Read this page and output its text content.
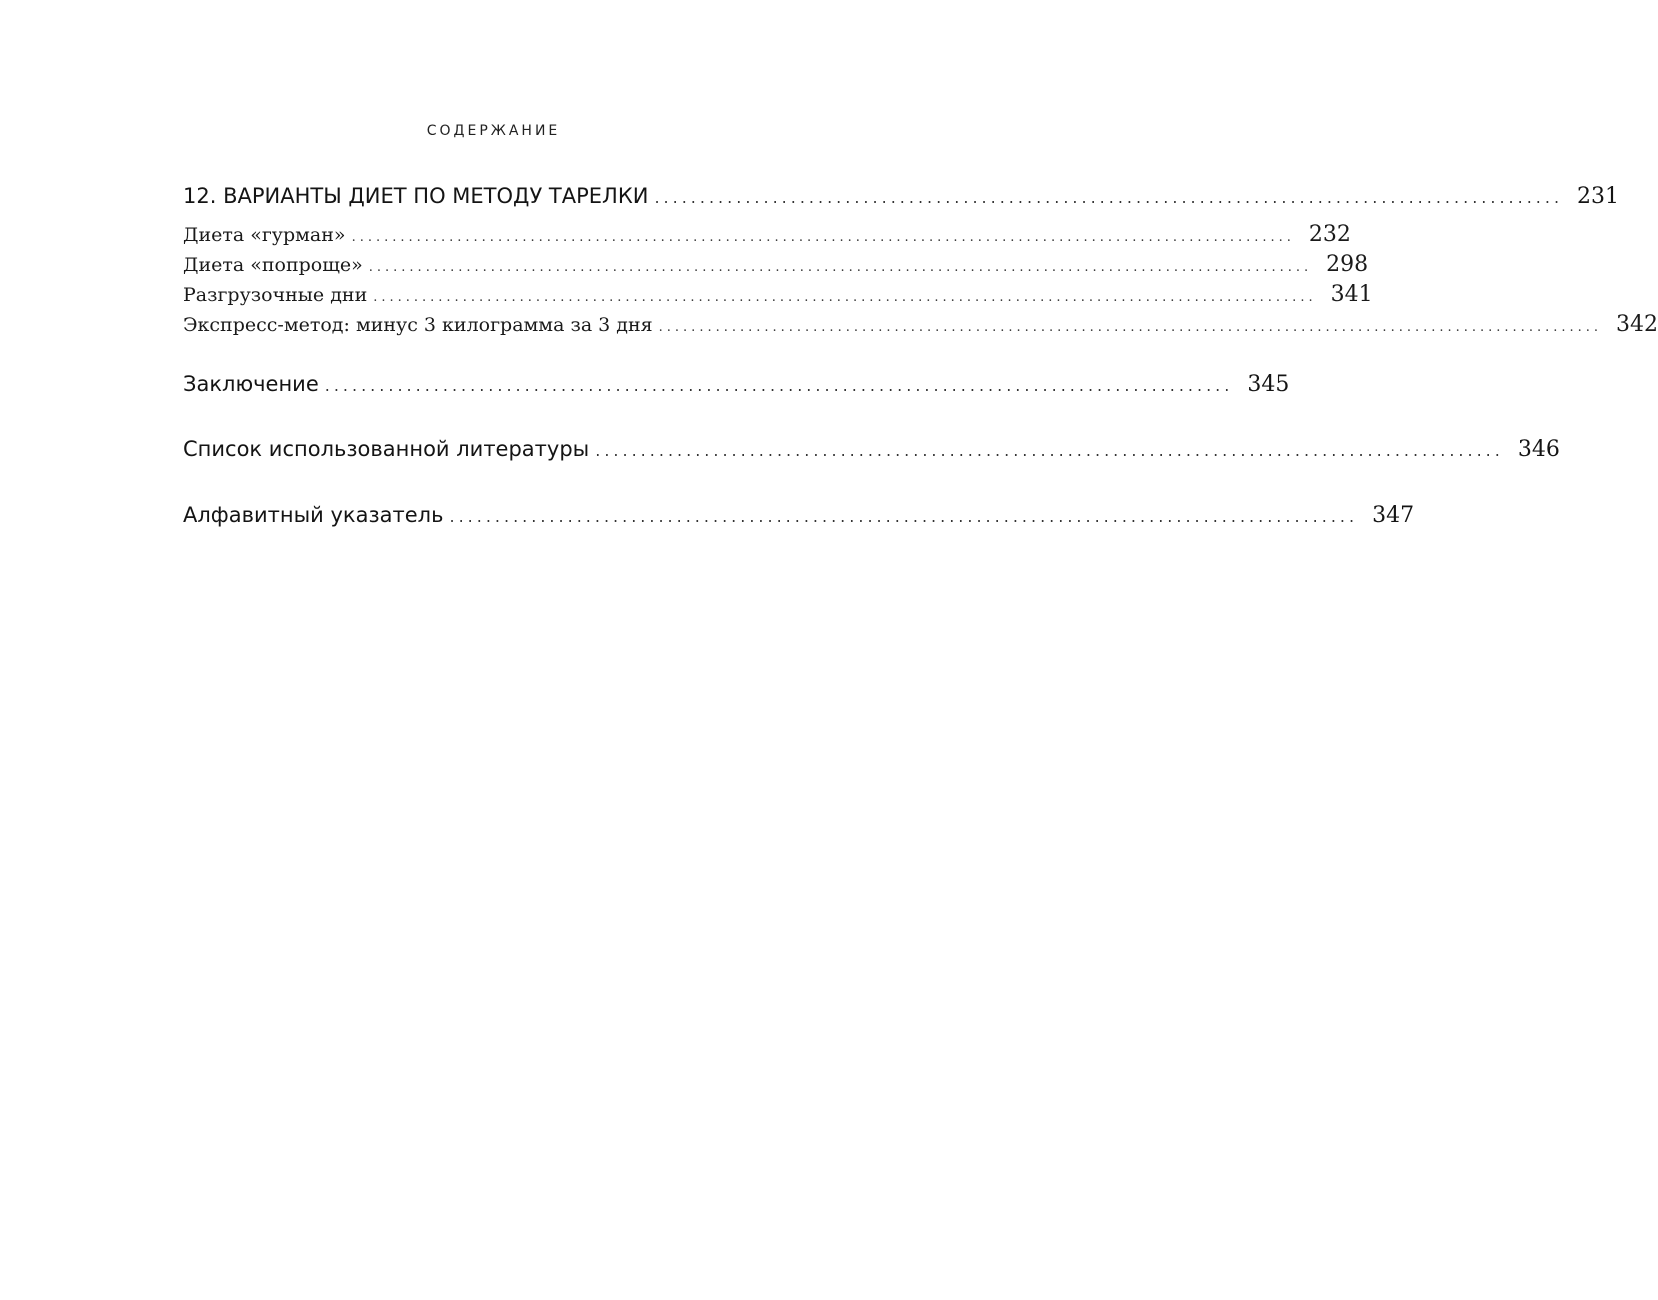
СОДЕРЖАНИЕ
12. ВАРИАНТЫ ДИЕТ ПО МЕТОДУ ТАРЕЛКИ .................................................................................................... 231
Диета «гурман» .................................................................................................................... 232
Диета «попроще» .................................................................................................................... 298
Разгрузочные дни .................................................................................................................... 341
Экспресс-метод: минус 3 килограмма за 3 дня .................................................................................................................... 342
Заключение .................................................................................................... 345
Список использованной литературы .................................................................................................... 346
Алфавитный указатель .................................................................................................... 347
